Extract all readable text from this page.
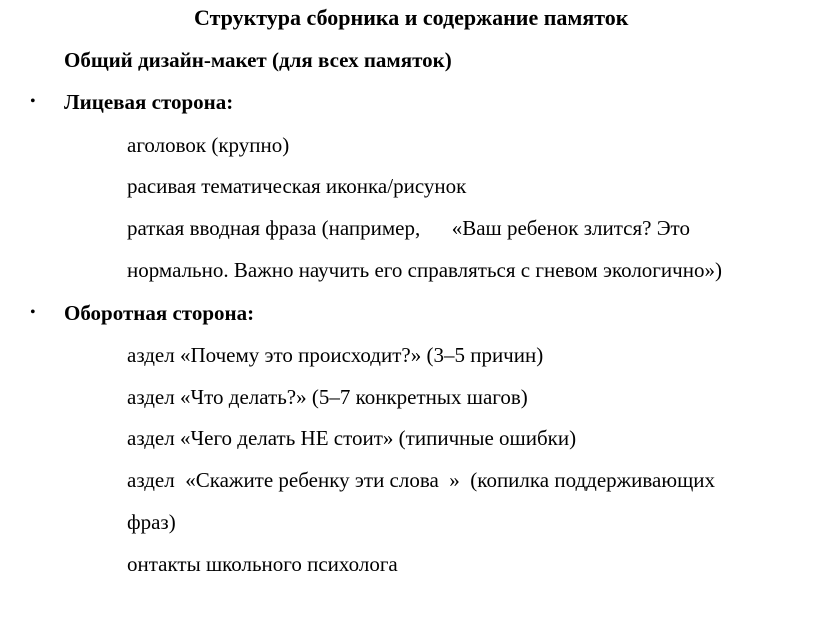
Структура сборника и содержание памяток
Общий дизайн-макет (для всех памяток)
• Лицевая сторона:
аголовок (крупно)
расивая тематическая иконка/рисунок
раткая вводная фраза (например,      «Ваш ребенок злится? Это
нормально. Важно научить его справляться с гневом экологично»)
• Оборотная сторона:
аздел «Почему это происходит?» (3–5 причин)
аздел «Что делать?» (5–7 конкретных шагов)
аздел «Чего делать НЕ стоит» (типичные ошибки)
аздел  «Скажите ребенку эти слова  »  (копилка поддерживающих
фраз)
онтакты школьного психолога
